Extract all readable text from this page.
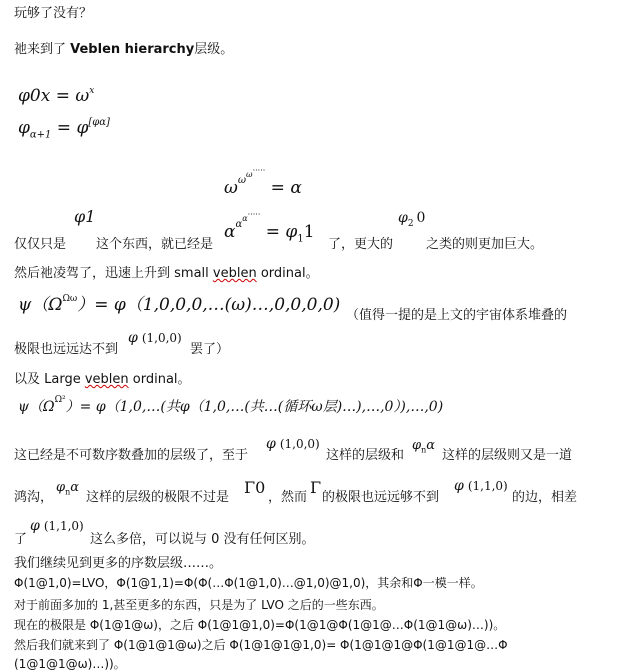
玩够了没有？
祂来到了 Veblen hierarchy层级。
$\varphi 0x = \omega^x$
$\varphi_{\alpha+1} = \varphi[\varphi\alpha]$
$\omega^{\omega\omega\cdot\cdot\cdot\cdot\cdot} = \alpha$
仅仅只是
φ1
这个东西，就已经是
$\alpha^{\alpha\alpha\cdot\cdot\cdot\cdot\cdot} = \varphi_11$
了，更大的
$\varphi_2$ 0
之类的则更加巨大。
然后祂凌驾了，迅速上升到 small veblen ordinal。
$\psi(\Omega^{\Omega\omega})=$ φ（1,0,0,0,…(ω)…,0,0,0,0)
（值得一提的是上文的宇宙体系堆叠的
极限也远远达不到
φ (1,0,0)
罢了）
以及 Large veblen ordinal。
$\psi(\Omega^{\Omega^2})=$ φ（1,0,…(共φ（1,0,…(共…(循环ω层)…),…,0）),…,0)
这已经是不可数序数叠加的层级了，至于
φ (1,0,0)
这样的层级和
$\varphi_n\alpha$
这样的层级则又是一道
鸿沟，
$\varphi_n\alpha$
这样的层级的极限不过是
Γ0
，然而
Γ
的极限也远远够不到
φ (1,1,0)
的边，相差
了
φ (1,1,0)
这么多倍，可以说与 0 没有任何区别。
我们继续见到更多的序数层级……。
Φ(1@1,0)=LVO，Φ(1@1,1)=Φ(Φ(…Φ(1@1,0)…@1,0)@1,0)，其余和Φ一模一样。
对于前面多加的 1,甚至更多的东西，只是为了 LVO 之后的一些东西。
现在的极限是 Φ(1@1@ω)，之后 Φ(1@1@1,0)=Φ(1@1@Φ(1@1@…Φ(1@1@ω)…))。
然后我们就来到了 Φ(1@1@1@ω)之后 Φ(1@1@1@1,0)= Φ(1@1@1@Φ(1@1@1@…Φ
(1@1@1@ω)…))。
